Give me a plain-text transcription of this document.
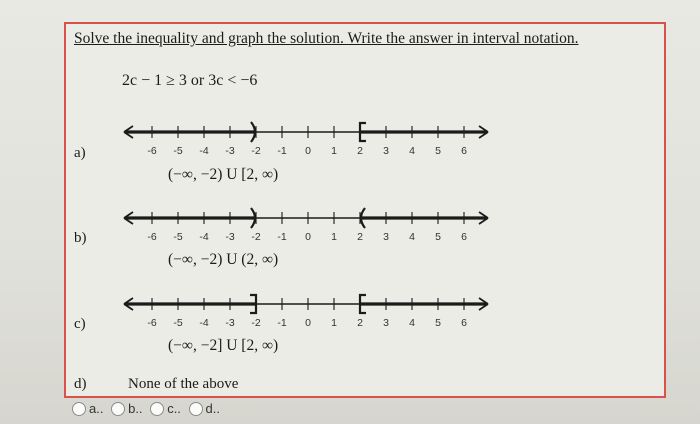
Solve the inequality and graph the solution. Write the answer in interval notation.
2c − 1 ≥ 3 or 3c < −6
a)	-6 -5 -4 -3 -2 -1 0 1 2 3 4 5 6
(−∞, −2) U [2, ∞)
b)	-6 -5 -4 -3 -2 -1 0 1 2 3 4 5 6
(−∞, −2) U (2, ∞)
c)	-6 -5 -4 -3 -2 -1 0 1 2 3 4 5 6
(−∞, −2] U [2, ∞)
d)	None of the above
a..
b..
c..
d..
